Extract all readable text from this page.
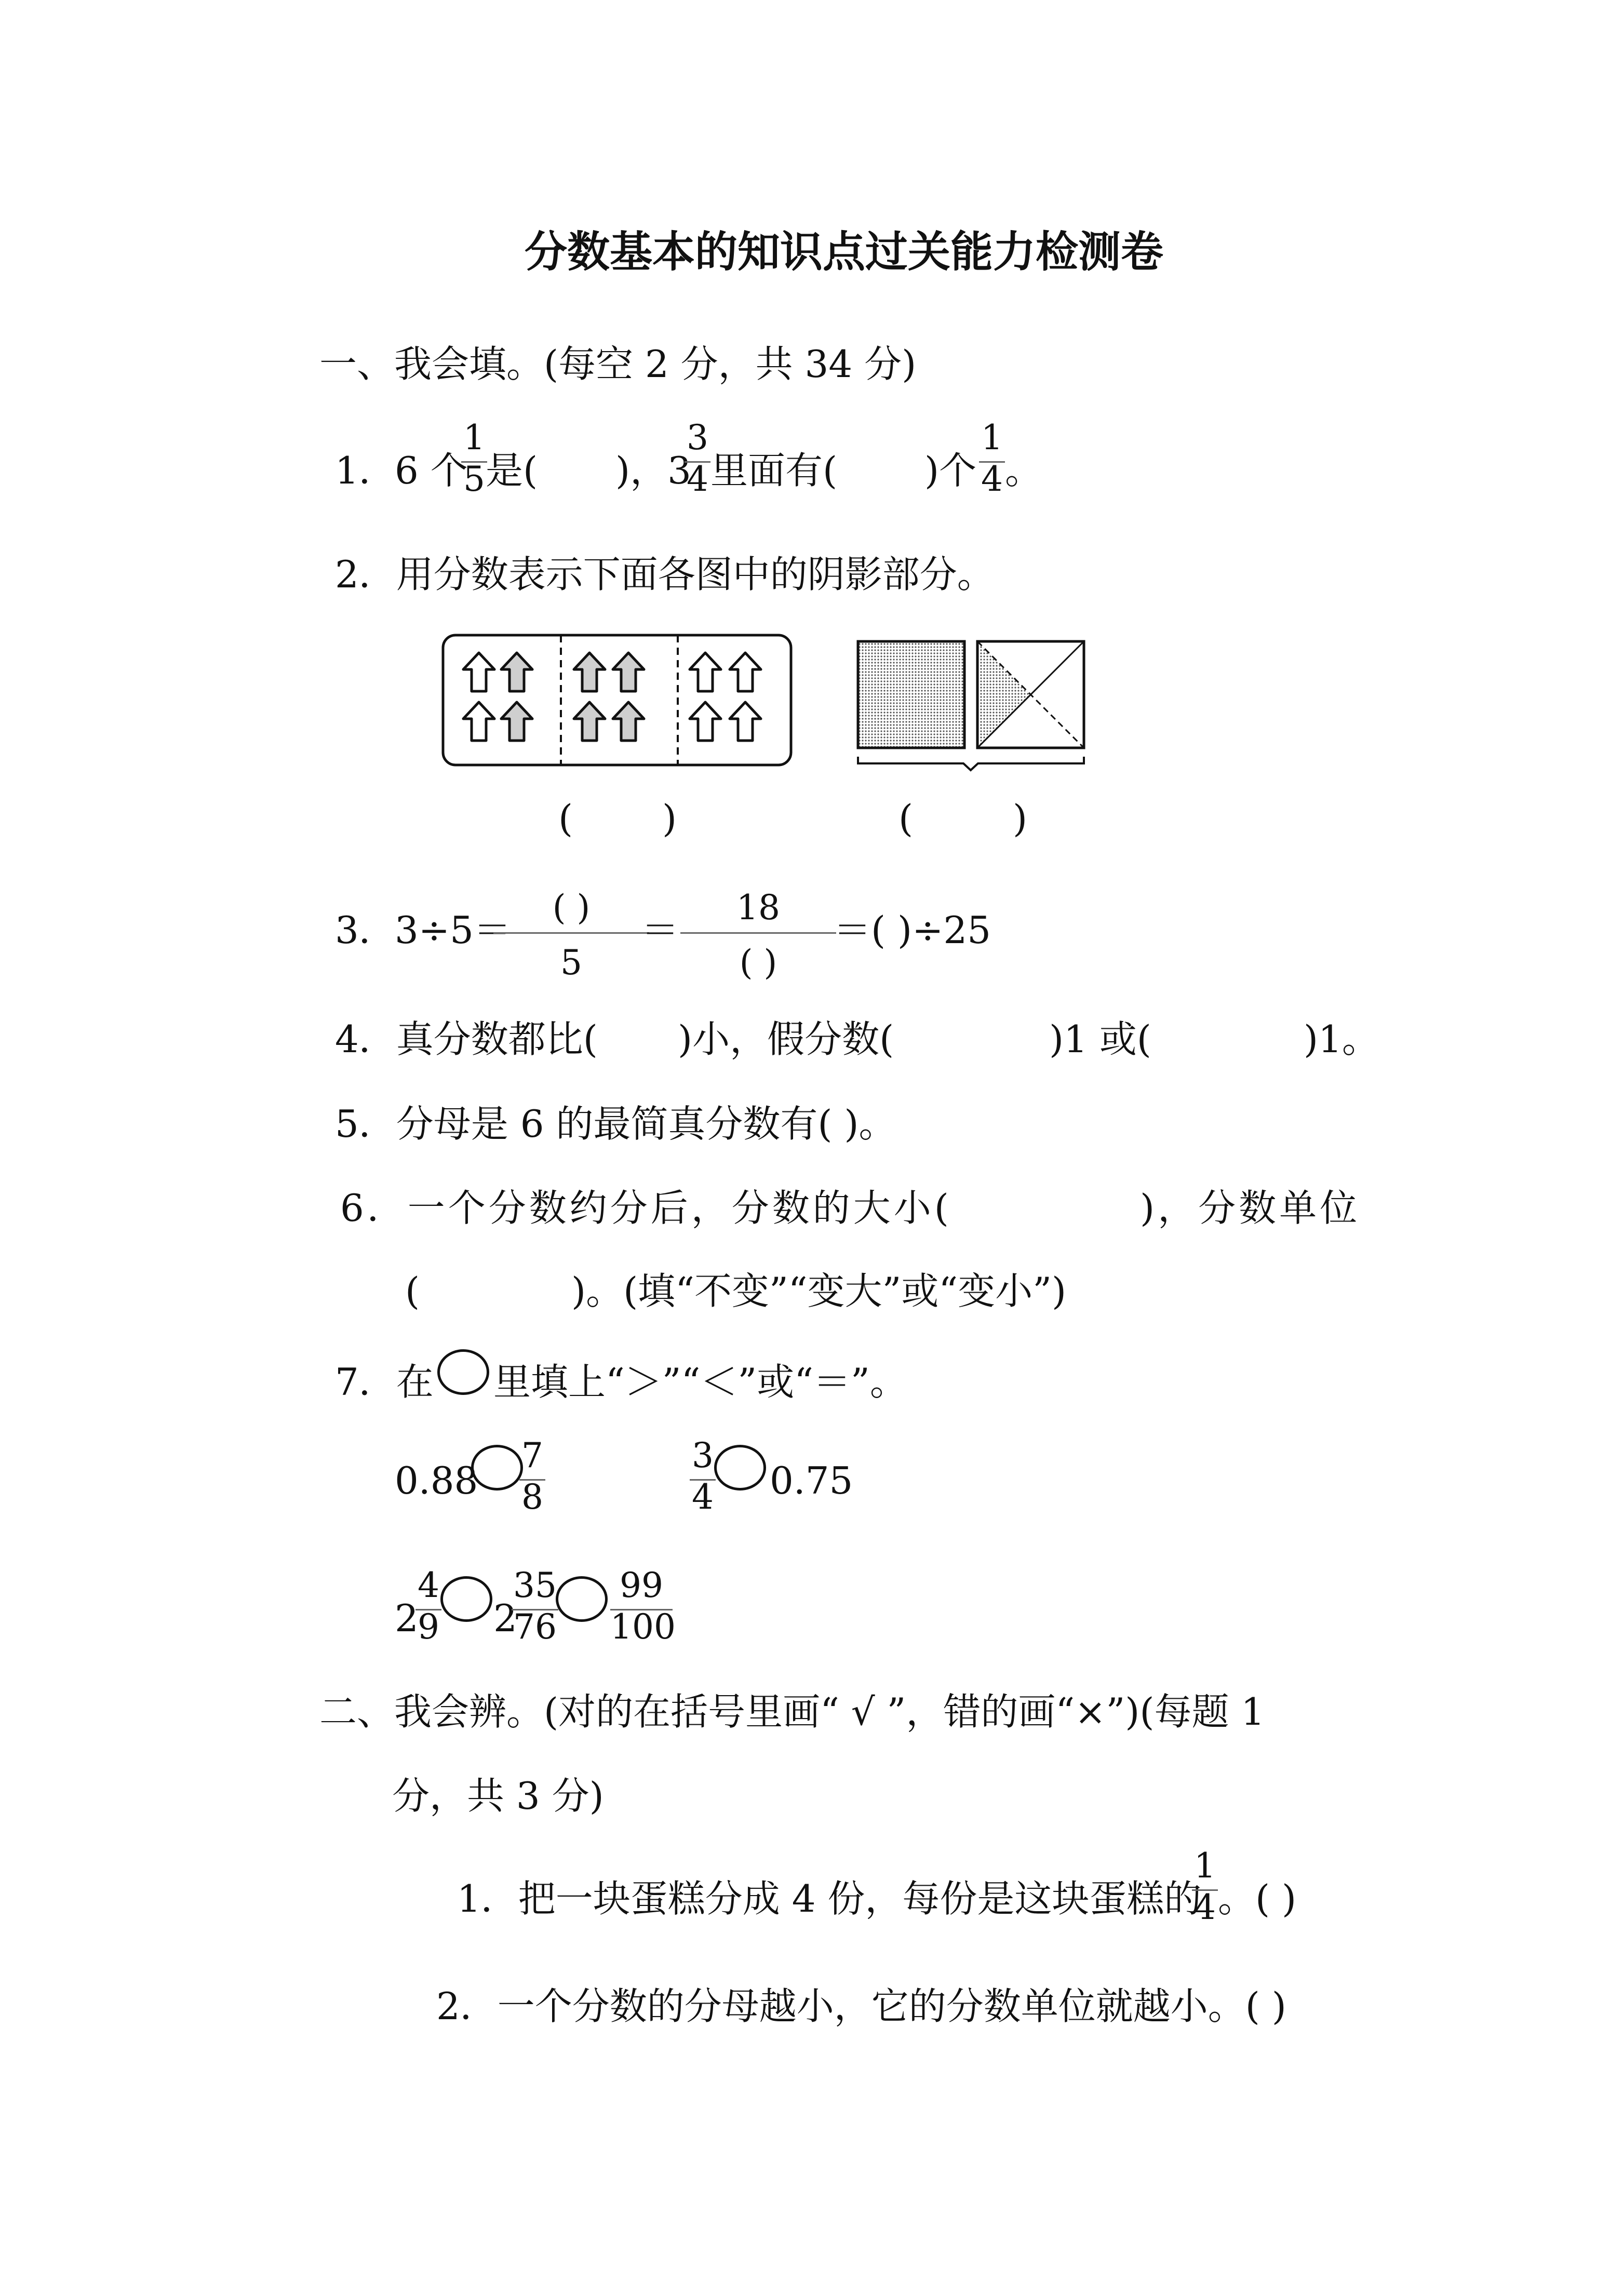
分数基本的知识点过关能力检测卷
一、我会填。(每空 2 分，共 34 分)
1．
6 个
1
5 是( )，3
3
4 里面有( )个
1
4 。
2．用分数表示下面各图中的阴影部分。
( )	(	)
3．
3÷5＝
( )
5
＝
18
( )
＝( )÷25
4．真分数都比( )小，假分数(	)1 或(	)1。
5．分母是 6 的最简真分数有( )。
6．一个分数约分后，分数的大小(	)，分数单位
(	)。(填“不变”“变大”或“变小”)
7．在 里填上“＞”“＜”或“＝”。
0.88
7
8
3
4 0.75
2
4
9 2
35
76
99
100
二、我会辨。(对的在括号里画“ √ ”，错的画“×”)(每题 1
分，共 3 分)
1．把一块蛋糕分成 4 份，每份是这块蛋糕的
1
4 。( )
2．一个分数的分母越小，它的分数单位就越小。( )
